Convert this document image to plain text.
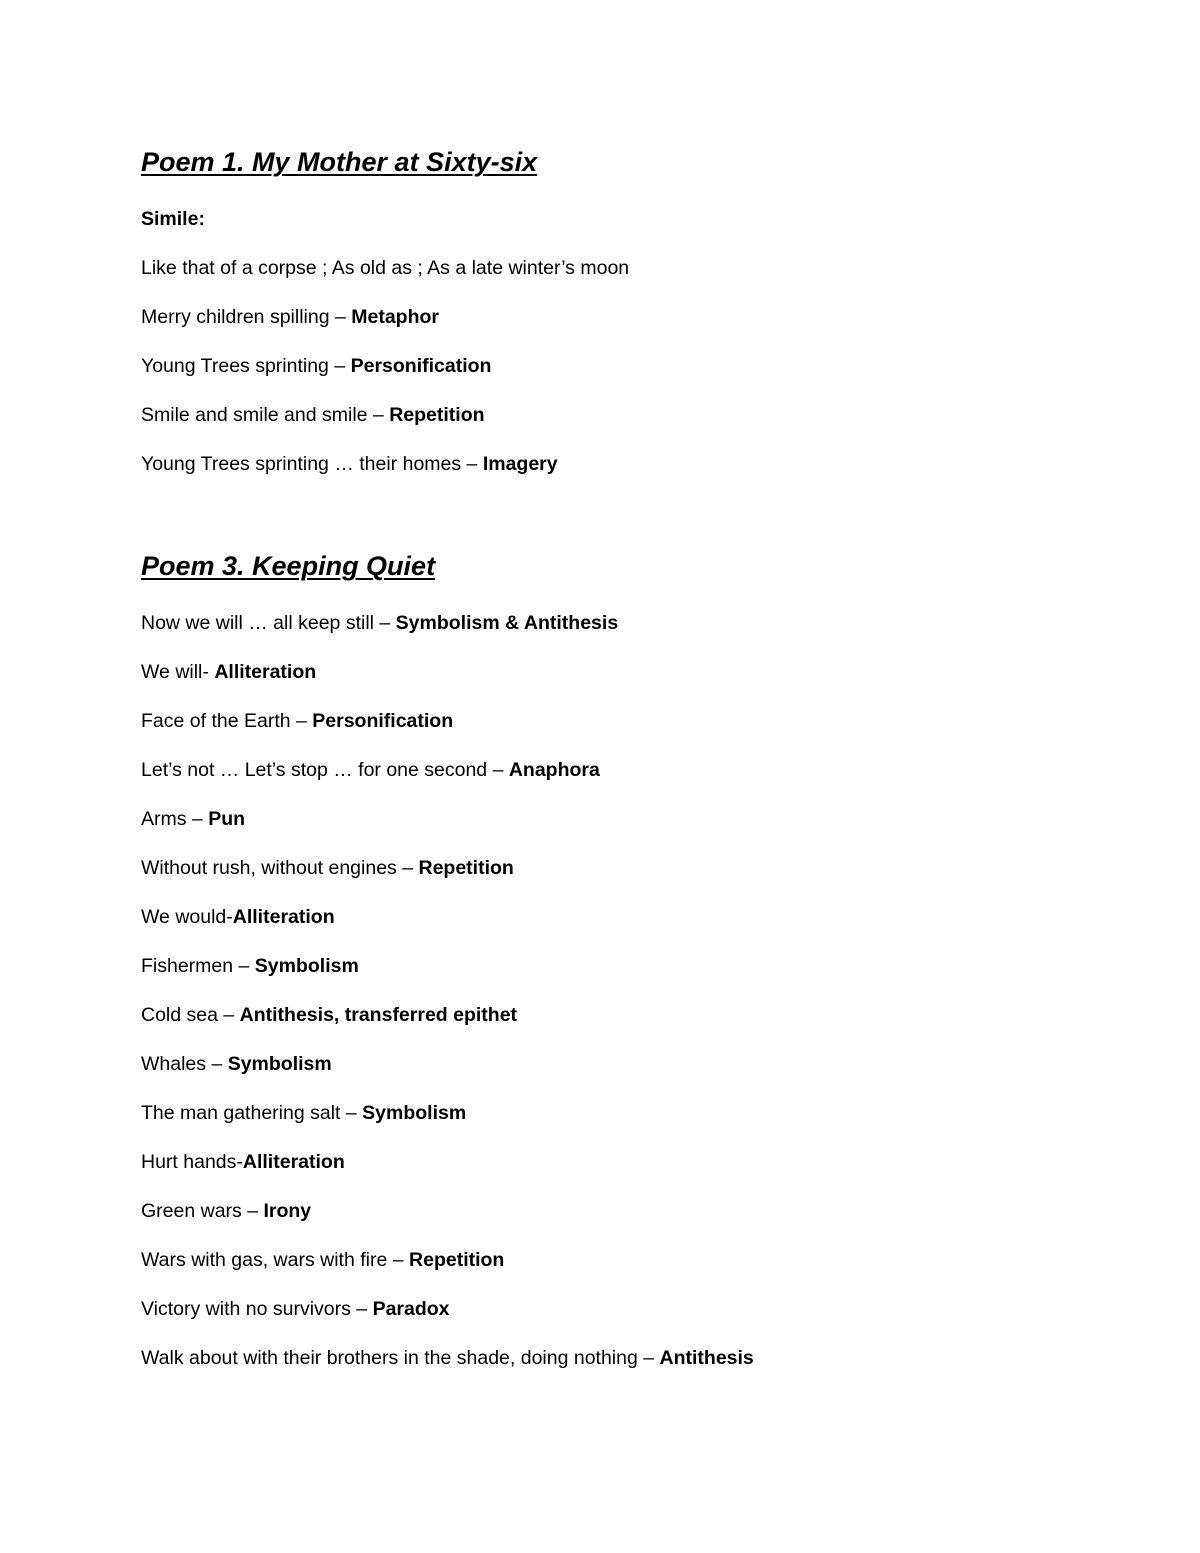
Poem 1. My Mother at Sixty-six
Simile:
Like that of a corpse ; As old as ; As a late winter’s moon
Merry children spilling – Metaphor
Young Trees sprinting – Personification
Smile and smile and smile – Repetition
Young Trees sprinting … their homes – Imagery
Poem 3. Keeping Quiet
Now we will … all keep still – Symbolism & Antithesis
We will- Alliteration
Face of the Earth – Personification
Let’s not … Let’s stop … for one second – Anaphora
Arms – Pun
Without rush, without engines – Repetition
We would-Alliteration
Fishermen – Symbolism
Cold sea – Antithesis, transferred epithet
Whales – Symbolism
The man gathering salt – Symbolism
Hurt hands-Alliteration
Green wars – Irony
Wars with gas, wars with fire – Repetition
Victory with no survivors – Paradox
Walk about with their brothers in the shade, doing nothing – Antithesis
